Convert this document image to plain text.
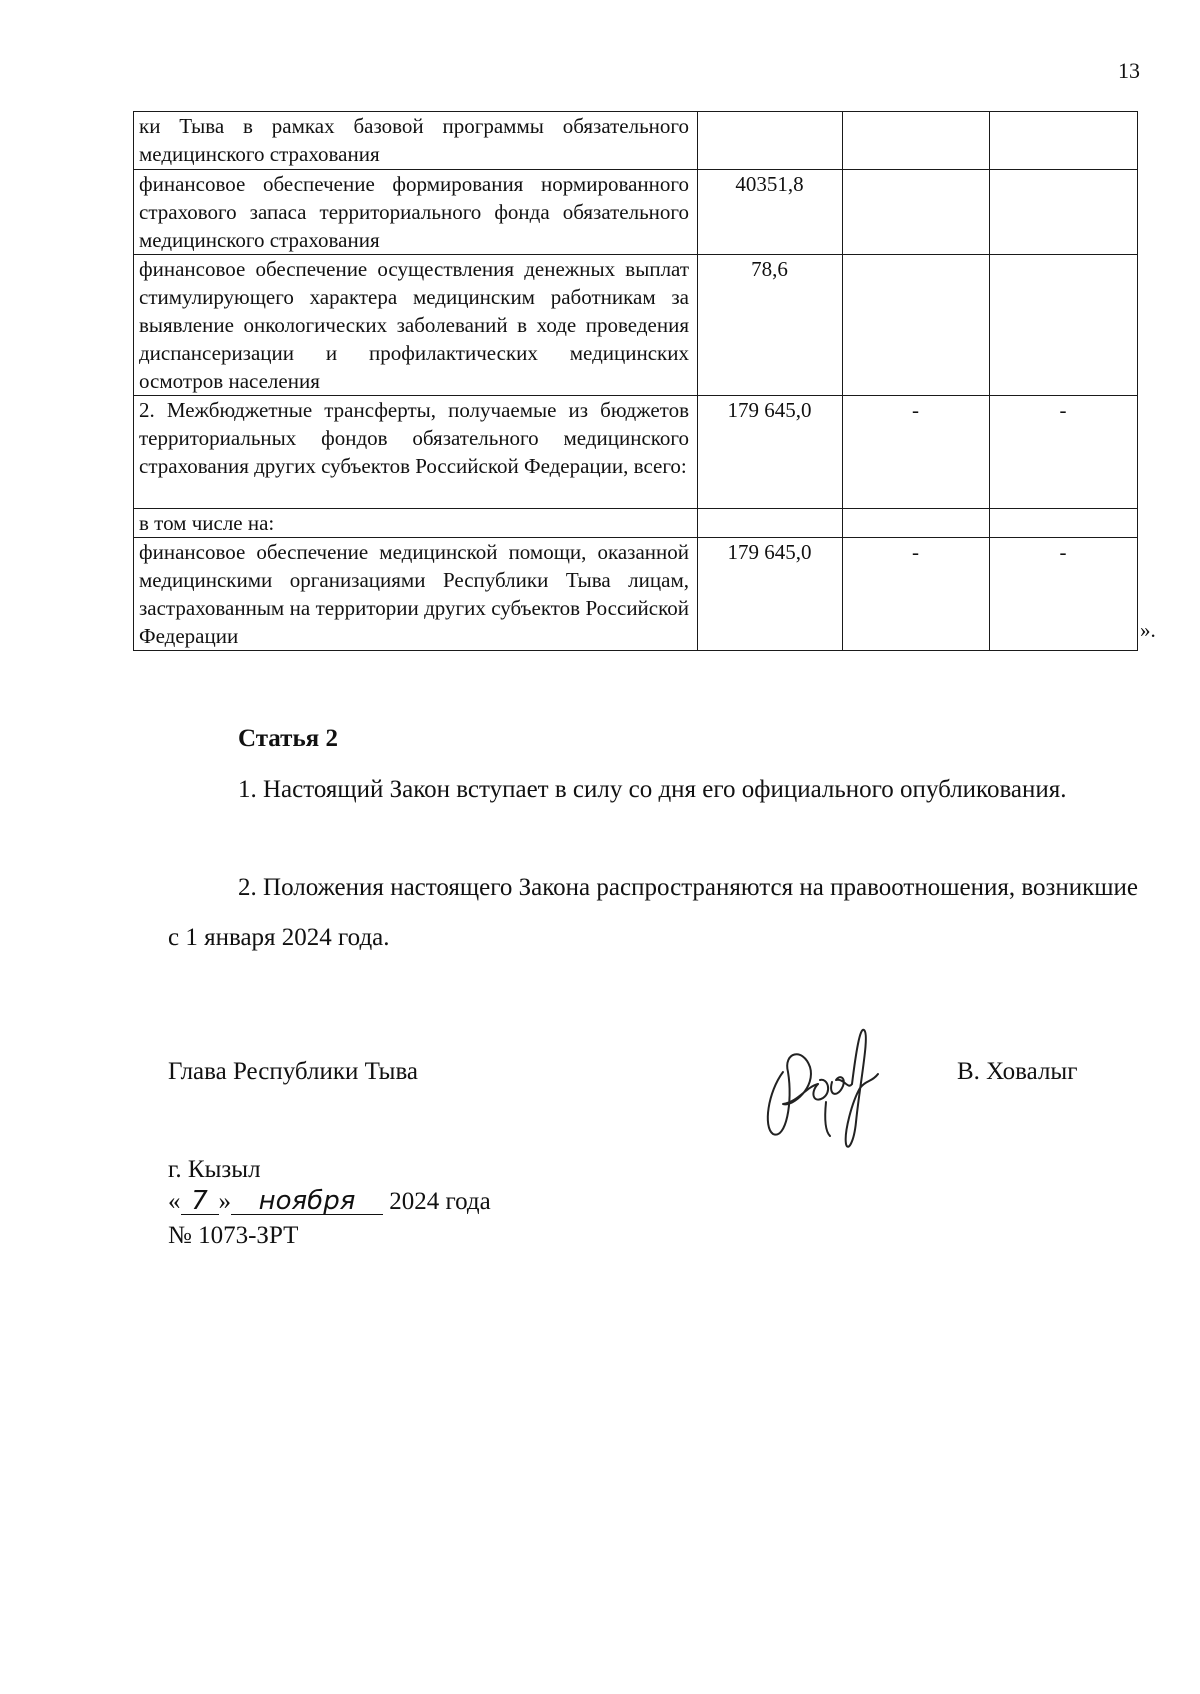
13
ки Тыва в рамках базовой программы обязательного медицинского страхования			
финансовое обеспечение формирования нормированного страхового запаса территориального фонда обязательного медицинского страхования	40351,8		
финансовое обеспечение осуществления денежных выплат стимулирующего характера медицинским работникам за выявление онкологических заболеваний в ходе проведения диспансеризации и профилактических медицинских осмотров населения	78,6		
2. Межбюджетные трансферты, получаемые из бюджетов территориальных фондов обязательного медицинского страхования других субъектов Российской Федерации, всего:	179 645,0	-	-
в том числе на:			
финансовое обеспечение медицинской помощи, оказанной медицинскими организациями Республики Тыва лицам, застрахованным на территории других субъектов Российской Федерации	179 645,0	-	-
».
Статья 2
1. Настоящий Закон вступает в силу со дня его официального опубликования.
2. Положения настоящего Закона распространяются на правоотношения, возникшие с 1 января 2024 года.
Глава Республики Тыва	В. Ховалыг
г. Кызыл
« 7 » ноября 2024 года
№ 1073-ЗРТ
